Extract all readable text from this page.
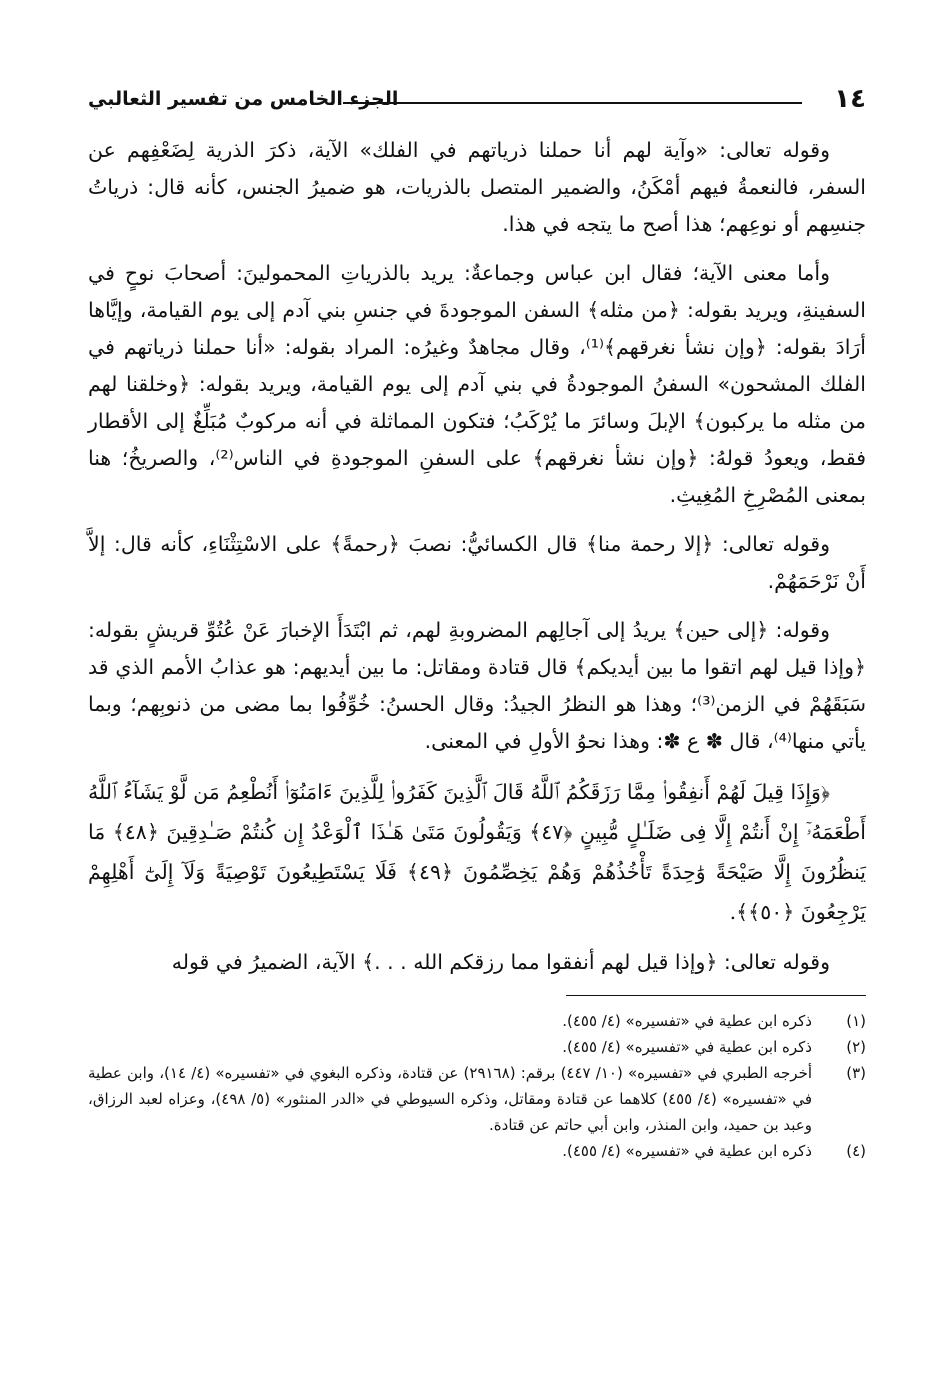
١٤
الجزء الخامس من تفسير الثعالبي

وقوله تعالى: «وآية لهم أنا حملنا ذرياتهم في الفلك» الآية، ذكرَ الذرية لِضَعْفِهم عن السفر، فالنعمةُ فيهم أمْكَنُ، والضمير المتصل بالذريات، هو ضميرُ الجنس، كأنه قال: ذرياتُ جنسِهم أو نوعِهم؛ هذا أصح ما يتجه في هذا.

وأما معنى الآية؛ فقال ابن عباس وجماعةٌ: يريد بالذرياتِ المحمولينَ: أصحابَ نوحٍ في السفينةِ، ويريد بقوله: ﴿من مثله﴾ السفن الموجودةَ في جنسِ بني آدم إلى يوم القيامة، وإيَّاها أرَادَ بقوله: ﴿وإن نشأ نغرقهم﴾⁽¹⁾، وقال مجاهدٌ وغيرُه: المراد بقوله: «أنا حملنا ذرياتهم في الفلك المشحون» السفنُ الموجودةُ في بني آدم إلى يوم القيامة، ويريد بقوله: ﴿وخلقنا لهم من مثله ما يركبون﴾ الإبلَ وسائرَ ما يُرْكَبُ؛ فتكون المماثلة في أنه مركوبٌ مُبَلِّغٌ إلى الأقطار فقط، ويعودُ قولهُ: ﴿وإن نشأ نغرقهم﴾ على السفنِ الموجودةِ في الناس⁽²⁾، والصريخُ؛ هنا بمعنى المُصْرِخِ المُغِيثِ.

وقوله تعالى: ﴿إلا رحمة منا﴾ قال الكسائيُّ: نصبَ ﴿رحمةً﴾ على الاسْتِثْنَاءِ، كأنه قال: إلاَّ أَنْ نَرْحَمَهُمْ.

وقوله: ﴿إلى حين﴾ يريدُ إلى آجالِهم المضروبةِ لهم، ثم ابْتَدَأَ الإخبارَ عَنْ عُتُوِّ قريشٍ بقوله: ﴿وإذا قيل لهم اتقوا ما بين أيديكم﴾ قال قتادة ومقاتل: ما بين أيديهم: هو عذابُ الأمم الذي قد سَبَقَهُمْ في الزمن⁽³⁾؛ وهذا هو النظرُ الجيدُ: وقال الحسنُ: خُوِّفُوا بما مضى من ذنوبِهم؛ وبما يأتي منها⁽⁴⁾، قال ✽ ع ✽: وهذا نحوُ الأولِ في المعنى.

﴿وَإِذَا قِيلَ لَهُمْ أَنفِقُوا۟ مِمَّا رَزَقَكُمُ ٱللَّهُ قَالَ ٱلَّذِينَ كَفَرُوا۟ لِلَّذِينَ ءَامَنُوٓا۟ أَنُطْعِمُ مَن لَّوْ يَشَآءُ ٱللَّهُ أَطْعَمَهُۥٓ إِنْ أَنتُمْ إِلَّا فِى ضَلَـٰلٍ مُّبِينٍ ﴿٤٧﴾ وَيَقُولُونَ مَتَىٰ هَـٰذَا ٱلْوَعْدُ إِن كُنتُمْ صَـٰدِقِينَ ﴿٤٨﴾ مَا يَنظُرُونَ إِلَّا صَيْحَةً وَٰحِدَةً تَأْخُذُهُمْ وَهُمْ يَخِصِّمُونَ ﴿٤٩﴾ فَلَا يَسْتَطِيعُونَ تَوْصِيَةً وَلَآ إِلَىٰٓ أَهْلِهِمْ يَرْجِعُونَ ﴿٥٠﴾﴾.

وقوله تعالى: ﴿وإذا قيل لهم أنفقوا مما رزقكم الله . . .﴾ الآية، الضميرُ في قوله

(١)
ذكره ابن عطية في «تفسيره» (٤/ ٤٥٥).
(٢)
ذكره ابن عطية في «تفسيره» (٤/ ٤٥٥).
(٣)
أخرجه الطبري في «تفسيره» (١٠/ ٤٤٧) برقم: (٢٩١٦٨) عن قتادة، وذكره البغوي في «تفسيره» (٤/ ١٤)، وابن عطية في «تفسيره» (٤/ ٤٥٥) كلاهما عن قتادة ومقاتل، وذكره السيوطي في «الدر المنثور» (٥/ ٤٩٨)، وعزاه لعبد الرزاق، وعبد بن حميد، وابن المنذر، وابن أبي حاتم عن قتادة.
(٤)
ذكره ابن عطية في «تفسيره» (٤/ ٤٥٥).
